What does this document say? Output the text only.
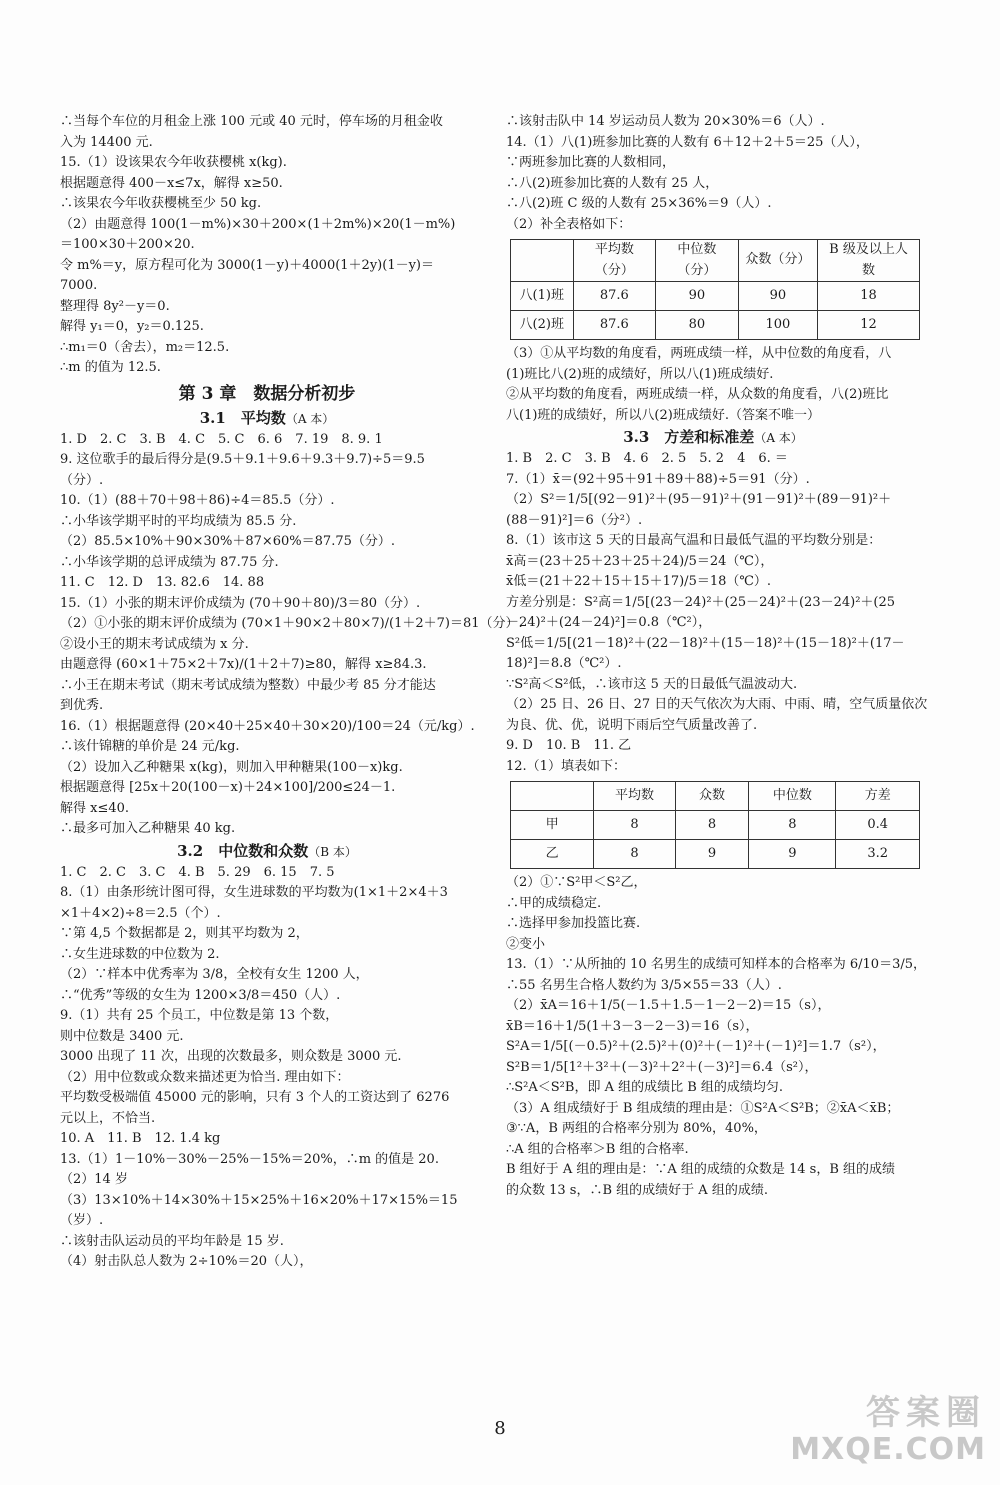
∴当每个车位的月租金上涨 100 元或 40 元时，停车场的月租金收
入为 14400 元.
15.（1）设该果农今年收获樱桃 x(kg).
根据题意得 400－x≤7x，解得 x≥50.
∴该果农今年收获樱桃至少 50 kg.
（2）由题意得 100(1－m%)×30＋200×(1＋2m%)×20(1－m%)
＝100×30＋200×20.
令 m%＝y，原方程可化为 3000(1－y)＋4000(1＋2y)(1－y)＝
7000.
整理得 8y²－y＝0.
解得 y₁＝0，y₂＝0.125.
∴m₁＝0（舍去），m₂＝12.5.
∴m 的值为 12.5.
第 3 章　数据分析初步
3.1　平均数（A 本）
1. D　2. C　3. B　4. C　5. C　6. 6　7. 19　8. 9. 1
9. 这位歌手的最后得分是(9.5＋9.1＋9.6＋9.3＋9.7)÷5＝9.5
（分）.
10.（1）(88＋70＋98＋86)÷4＝85.5（分）.
∴小华该学期平时的平均成绩为 85.5 分.
（2）85.5×10%＋90×30%＋87×60%＝87.75（分）.
∴小华该学期的总评成绩为 87.75 分.
11. C　12. D　13. 82.6　14. 88
15.（1）小张的期末评价成绩为 (70＋90＋80)/3＝80（分）.
（2）①小张的期末评价成绩为 (70×1＋90×2＋80×7)/(1＋2＋7)＝81（分）.
②设小王的期末考试成绩为 x 分.
由题意得 (60×1＋75×2＋7x)/(1＋2＋7)≥80，解得 x≥84.3.
∴小王在期末考试（期末考试成绩为整数）中最少考 85 分才能达
到优秀.
16.（1）根据题意得 (20×40＋25×40＋30×20)/100＝24（元/kg）.
∴该什锦糖的单价是 24 元/kg.
（2）设加入乙种糖果 x(kg)，则加入甲种糖果(100－x)kg.
根据题意得 [25x＋20(100－x)＋24×100]/200≤24－1.
解得 x≤40.
∴最多可加入乙种糖果 40 kg.
3.2　中位数和众数（B 本）
1. C　2. C　3. C　4. B　5. 29　6. 15　7. 5
8.（1）由条形统计图可得，女生进球数的平均数为(1×1＋2×4＋3
×1＋4×2)÷8＝2.5（个）.
∵第 4,5 个数据都是 2，则其平均数为 2，
∴女生进球数的中位数为 2.
（2）∵样本中优秀率为 3/8，全校有女生 1200 人，
∴“优秀”等级的女生为 1200×3/8＝450（人）.
9.（1）共有 25 个员工，中位数是第 13 个数，
则中位数是 3400 元.
3000 出现了 11 次，出现的次数最多，则众数是 3000 元.
（2）用中位数或众数来描述更为恰当. 理由如下：
平均数受极端值 45000 元的影响，只有 3 个人的工资达到了 6276
元以上，不恰当.
10. A　11. B　12. 1.4 kg
13.（1）1－10%－30%－25%－15%＝20%，∴m 的值是 20.
（2）14 岁
（3）13×10%＋14×30%＋15×25%＋16×20%＋17×15%＝15
（岁）.
∴该射击队运动员的平均年龄是 15 岁.
（4）射击队总人数为 2÷10%＝20（人），
∴该射击队中 14 岁运动员人数为 20×30%＝6（人）.
14.（1）八(1)班参加比赛的人数有 6＋12＋2＋5＝25（人），
∵两班参加比赛的人数相同，
∴八(2)班参加比赛的人数有 25 人，
∴八(2)班 C 级的人数有 25×36%＝9（人）.
（2）补全表格如下：
	平均数（分）	中位数（分）	众数（分）	B 级及以上人数
八(1)班	87.6	90	90	18
八(2)班	87.6	80	100	12
（3）①从平均数的角度看，两班成绩一样，从中位数的角度看，八
(1)班比八(2)班的成绩好，所以八(1)班成绩好.
②从平均数的角度看，两班成绩一样，从众数的角度看，八(2)班比
八(1)班的成绩好，所以八(2)班成绩好.（答案不唯一）
3.3　方差和标准差（A 本）
1. B　2. C　3. B　4. 6　2. 5　5. 2　4　6. ＝
7.（1）x̄＝(92＋95＋91＋89＋88)÷5＝91（分）.
（2）S²＝1/5[(92－91)²＋(95－91)²＋(91－91)²＋(89－91)²＋
(88－91)²]＝6（分²）.
8.（1）该市这 5 天的日最高气温和日最低气温的平均数分别是：
x̄高＝(23＋25＋23＋25＋24)/5＝24（℃），
x̄低＝(21＋22＋15＋15＋17)/5＝18（℃）.
方差分别是：S²高＝1/5[(23－24)²＋(25－24)²＋(23－24)²＋(25
－24)²＋(24－24)²]＝0.8（℃²），
S²低＝1/5[(21－18)²＋(22－18)²＋(15－18)²＋(15－18)²＋(17－
18)²]＝8.8（℃²）.
∵S²高＜S²低，∴该市这 5 天的日最低气温波动大.
（2）25 日、26 日、27 日的天气依次为大雨、中雨、晴，空气质量依次
为良、优、优，说明下雨后空气质量改善了.
9. D　10. B　11. 乙
12.（1）填表如下：
	平均数	众数	中位数	方差
甲	8	8	8	0.4
乙	8	9	9	3.2
（2）①∵S²甲＜S²乙，
∴甲的成绩稳定.
∴选择甲参加投篮比赛.
②变小
13.（1）∵从所抽的 10 名男生的成绩可知样本的合格率为 6/10＝3/5，
∴55 名男生合格人数约为 3/5×55＝33（人）.
（2）x̄A＝16＋1/5(－1.5＋1.5－1－2－2)＝15（s），
x̄B＝16＋1/5(1＋3－3－2－3)＝16（s），
S²A＝1/5[(－0.5)²＋(2.5)²＋(0)²＋(－1)²＋(－1)²]＝1.7（s²），
S²B＝1/5[1²＋3²＋(－3)²＋2²＋(－3)²]＝6.4（s²），
∴S²A＜S²B，即 A 组的成绩比 B 组的成绩均匀.
（3）A 组成绩好于 B 组成绩的理由是：①S²A＜S²B；②x̄A＜x̄B；
③∵A，B 两组的合格率分别为 80%，40%，
∴A 组的合格率＞B 组的合格率.
B 组好于 A 组的理由是：∵A 组的成绩的众数是 14 s，B 组的成绩
的众数 13 s，∴B 组的成绩好于 A 组的成绩.
8	答案圈
MXQE.COM
